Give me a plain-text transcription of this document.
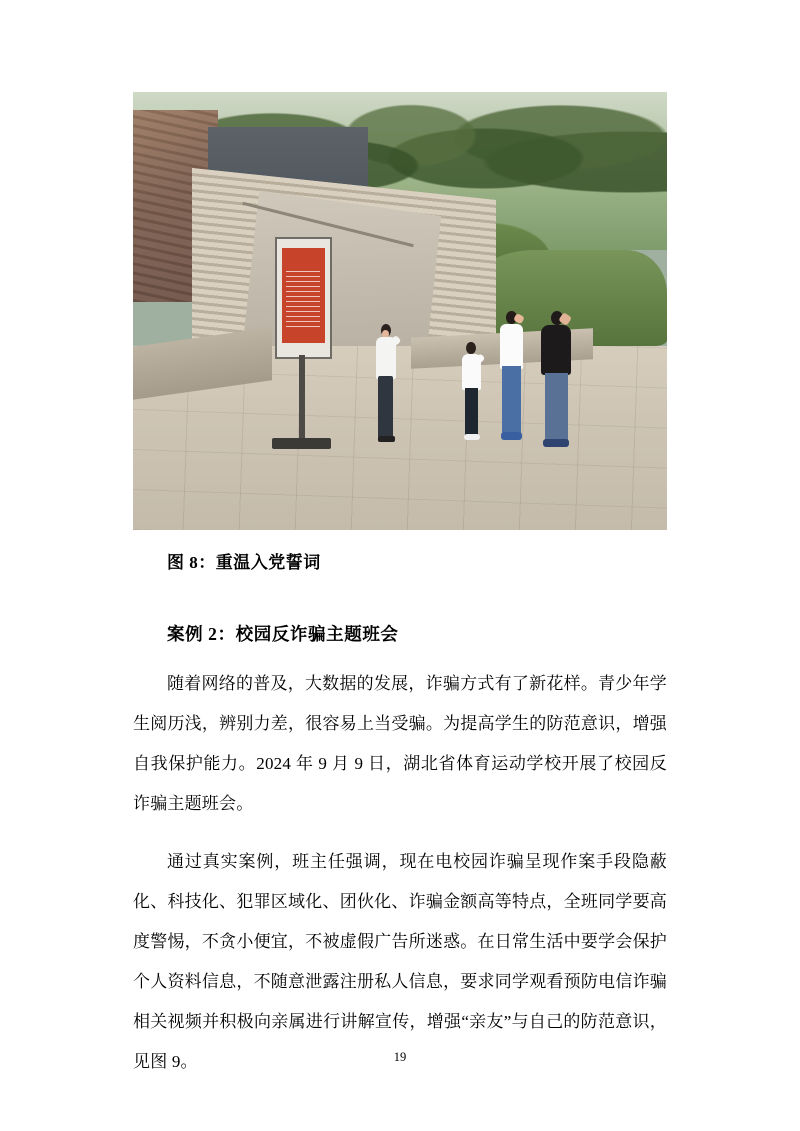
图 8：重温入党誓词
案例 2：校园反诈骗主题班会

随着网络的普及，大数据的发展，诈骗方式有了新花样。青少年学生阅历浅，辨别力差，很容易上当受骗。为提高学生的防范意识，增强自我保护能力。2024 年 9 月 9 日，湖北省体育运动学校开展了校园反诈骗主题班会。

通过真实案例，班主任强调，现在电校园诈骗呈现作案手段隐蔽化、科技化、犯罪区域化、团伙化、诈骗金额高等特点，全班同学要高度警惕，不贪小便宜，不被虚假广告所迷惑。在日常生活中要学会保护个人资料信息，不随意泄露注册私人信息，要求同学观看预防电信诈骗相关视频并积极向亲属进行讲解宣传，增强“亲友”与自己的防范意识，见图 9。	19
